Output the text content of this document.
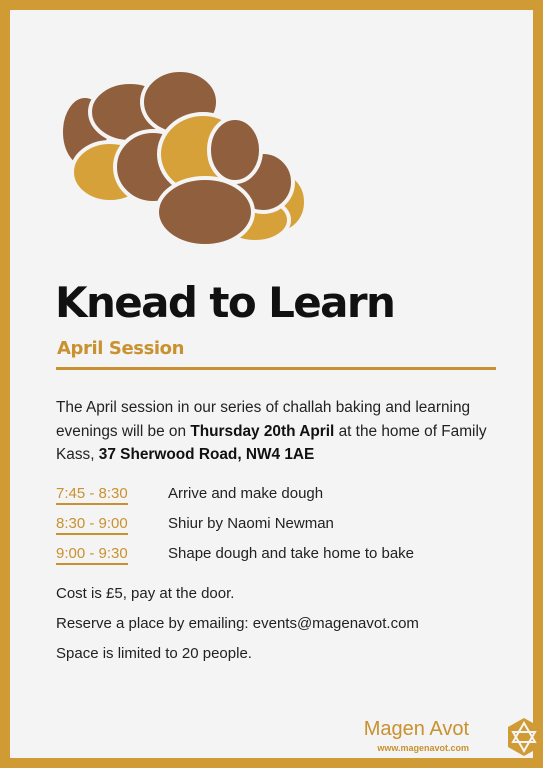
Knead to Learn
April Session
The April session in our series of challah baking and learning evenings will be on Thursday 20th April at the home of Family Kass, 37 Sherwood Road, NW4 1AE
7:45 - 8:30	Arrive and make dough
8:30 - 9:00	Shiur by Naomi Newman
9:00 - 9:30	Shape dough and take home to bake

Cost is £5, pay at the door.

Reserve a place by emailing: events@magenavot.com

Space is limited to 20 people.

Magen Avot
www.magenavot.com
